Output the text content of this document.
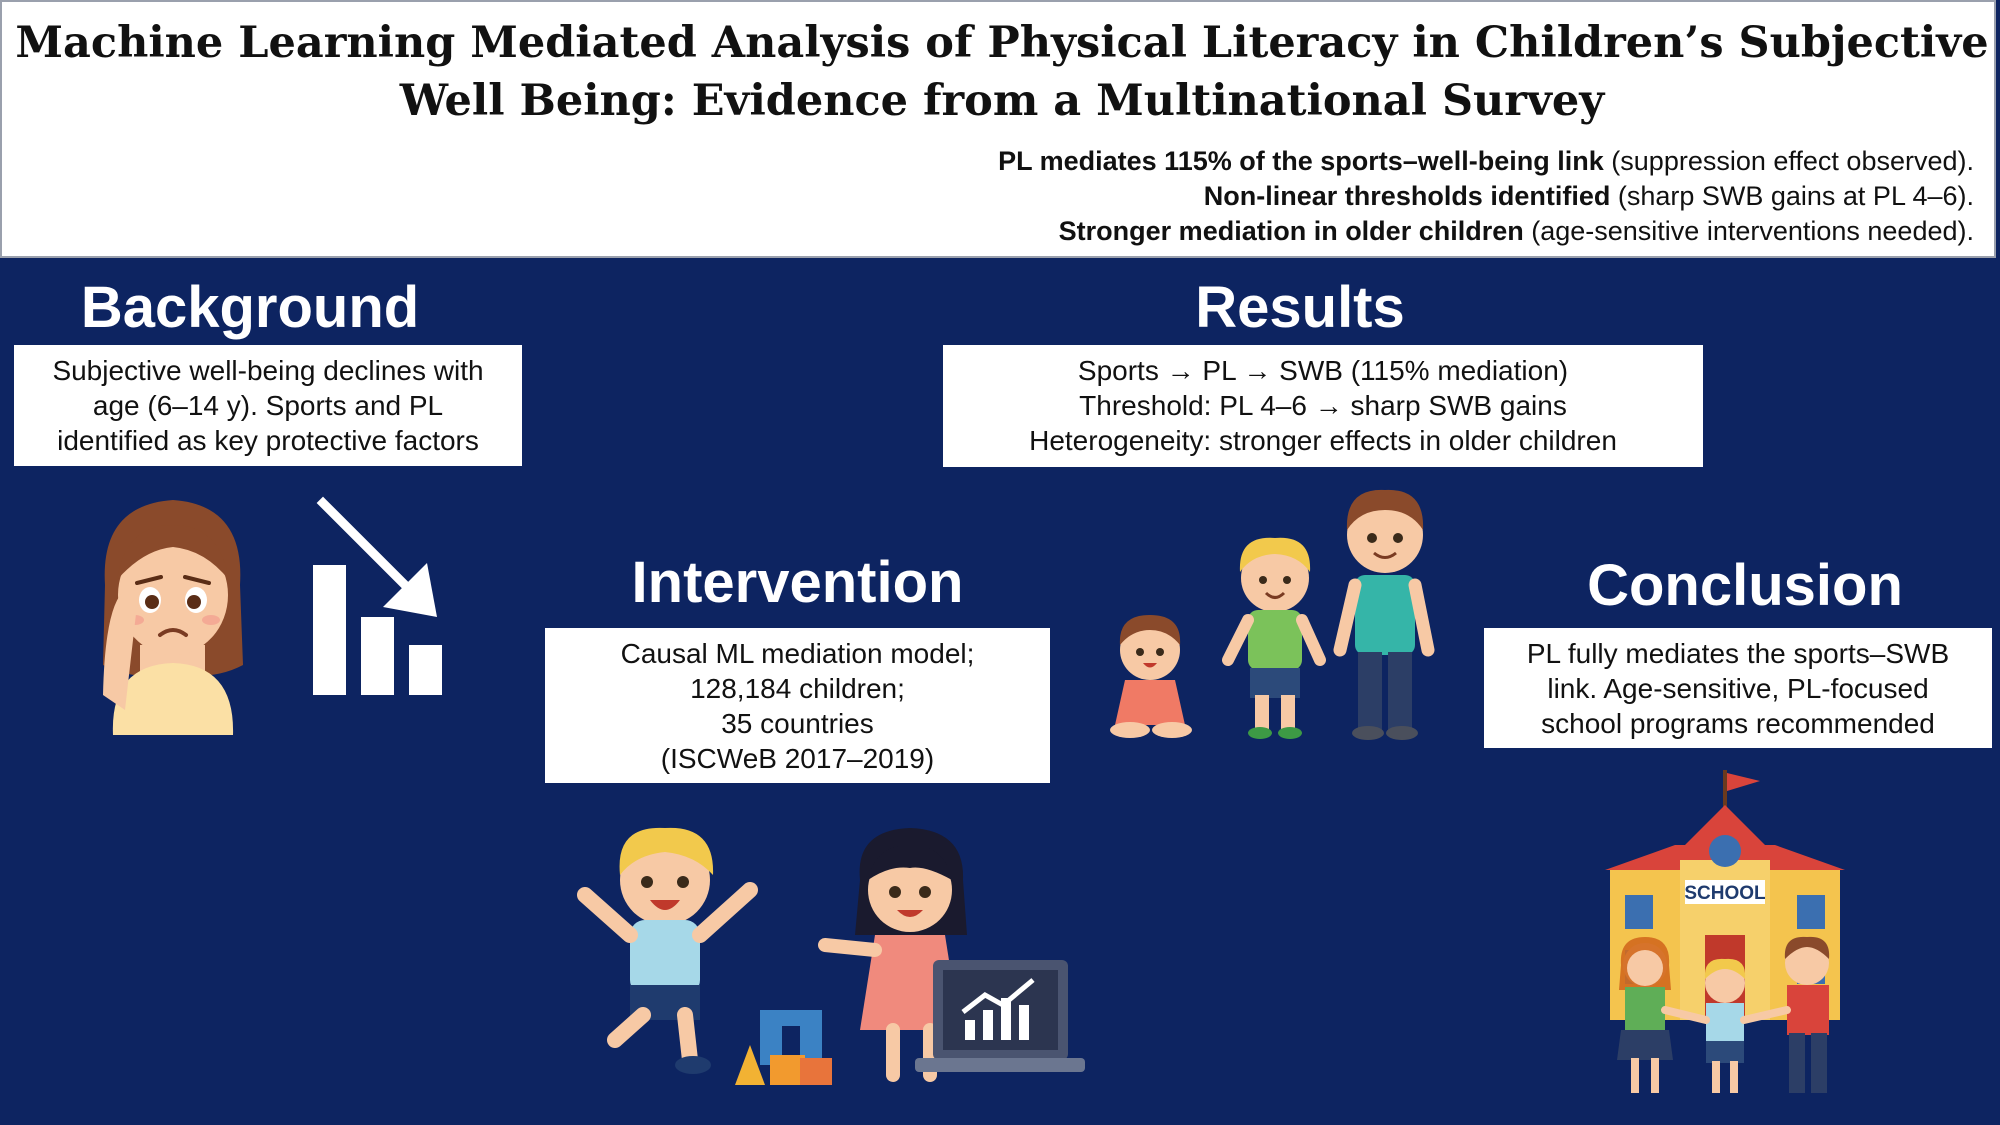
Machine Learning Mediated Analysis of Physical Literacy in Children’s Subjective
Well Being: Evidence from a Multinational Survey
PL mediates 115% of the sports–well-being link (suppression effect observed).
Non-linear thresholds identified (sharp SWB gains at PL 4–6).
Stronger mediation in older children (age-sensitive interventions needed).
Background
Subjective well-being declines with
age (6–14 y). Sports and PL
identified as key protective factors
Intervention
Causal ML mediation model;
128,184 children;
35 countries
(ISCWeB 2017–2019)
Results
Sports → PL → SWB (115% mediation)
Threshold: PL 4–6 → sharp SWB gains
Heterogeneity: stronger effects in older children
Conclusion
PL fully mediates the sports–SWB
link. Age-sensitive, PL-focused
school programs recommended
SCHOOL
